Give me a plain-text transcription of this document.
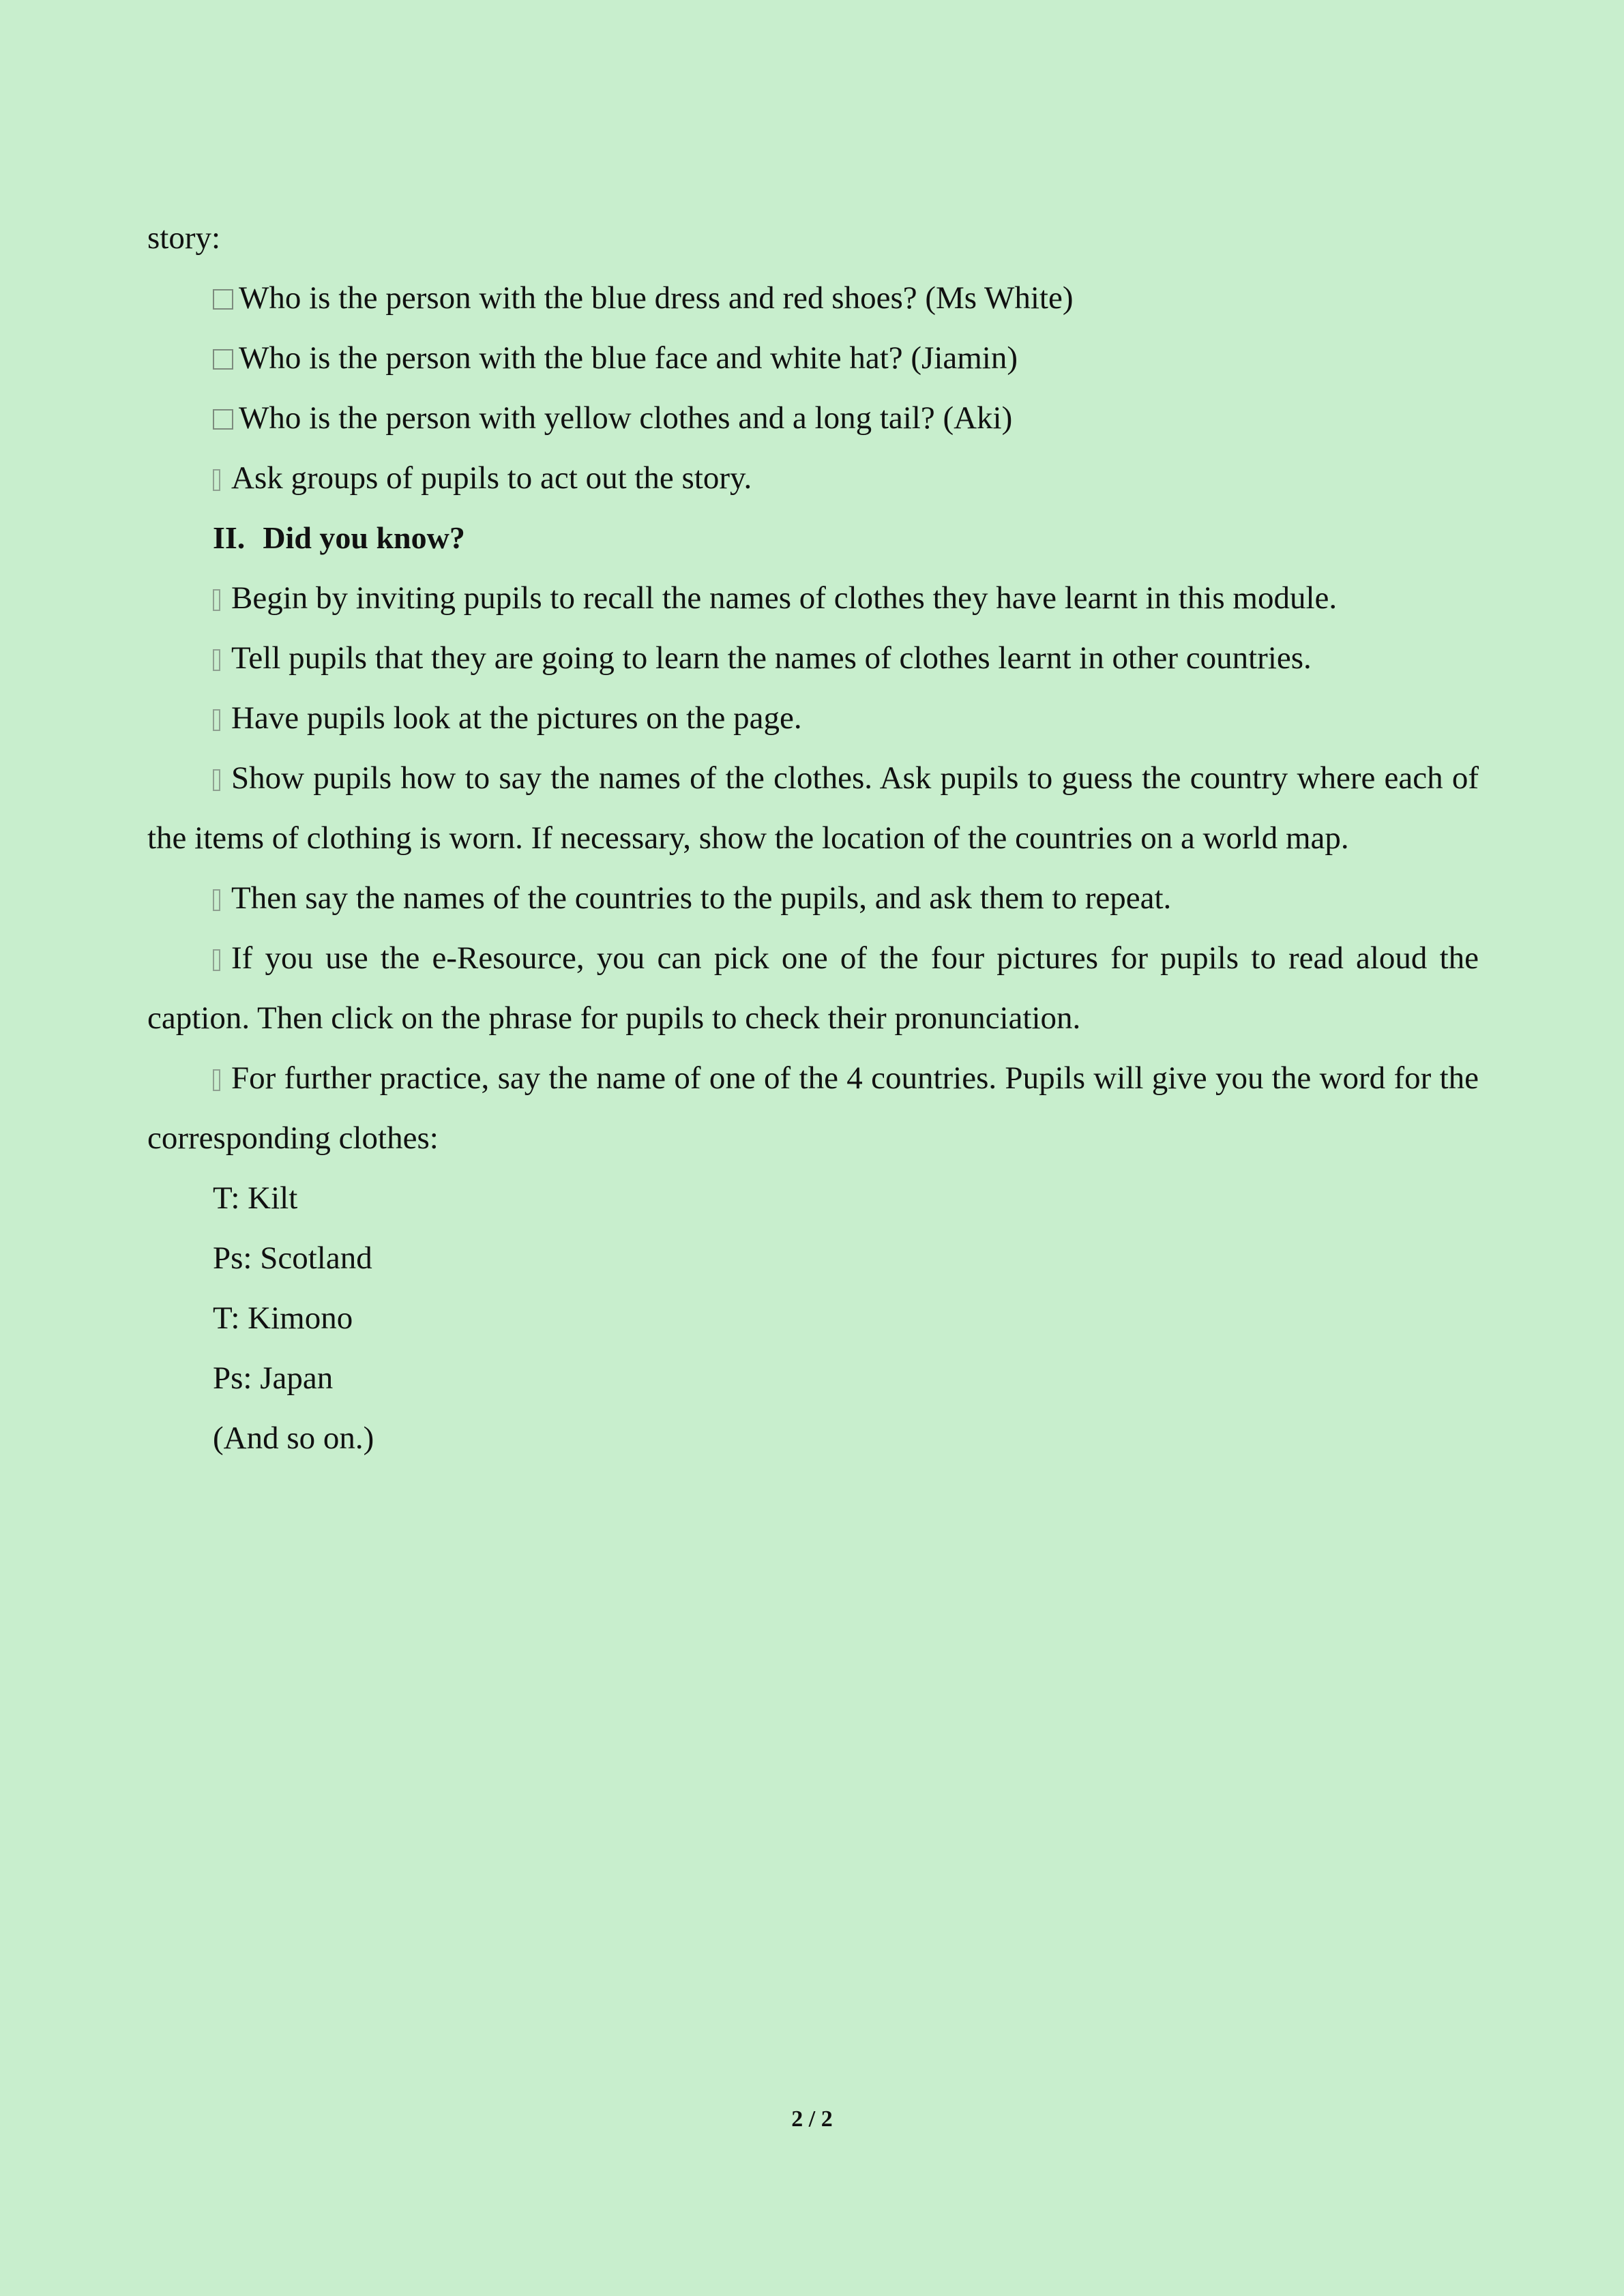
story:

Who is the person with the blue dress and red shoes? (Ms White)

Who is the person with the blue face and white hat? (Jiamin)

Who is the person with yellow clothes and a long tail? (Aki)

Ask groups of pupils to act out the story.

II. Did you know?

Begin by inviting pupils to recall the names of clothes they have learnt in this module.

Tell pupils that they are going to learn the names of clothes learnt in other countries.

Have pupils look at the pictures on the page.

Show pupils how to say the names of the clothes. Ask pupils to guess the country where each of the items of clothing is worn. If necessary, show the location of the countries on a world map.

Then say the names of the countries to the pupils, and ask them to repeat.

If you use the e-Resource, you can pick one of the four pictures for pupils to read aloud the caption. Then click on the phrase for pupils to check their pronunciation.

For further practice, say the name of one of the 4 countries. Pupils will give you the word for the corresponding clothes:

T: Kilt

Ps: Scotland

T: Kimono

Ps: Japan

(And so on.)

2 / 2
